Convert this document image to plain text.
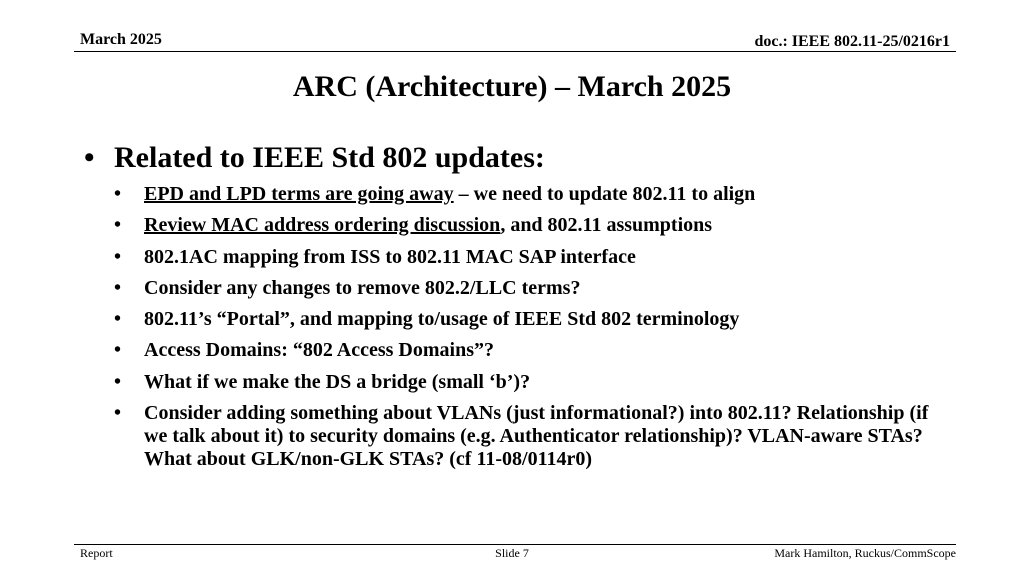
March 2025	doc.: IEEE 802.11-25/0216r1
ARC (Architecture) – March 2025
• Related to IEEE Std 802 updates:
• EPD and LPD terms are going away – we need to update 802.11 to align
• Review MAC address ordering discussion, and 802.11 assumptions
• 802.1AC mapping from ISS to 802.11 MAC SAP interface
• Consider any changes to remove 802.2/LLC terms?
• 802.11’s “Portal”, and mapping to/usage of IEEE Std 802 terminology
• Access Domains: “802 Access Domains”?
• What if we make the DS a bridge (small ‘b’)?
• Consider adding something about VLANs (just informational?) into 802.11? Relationship (if we talk about it) to security domains (e.g. Authenticator relationship)? VLAN-aware STAs? What about GLK/non-GLK STAs? (cf 11-08/0114r0)
Report	Slide 7	Mark Hamilton, Ruckus/CommScope
